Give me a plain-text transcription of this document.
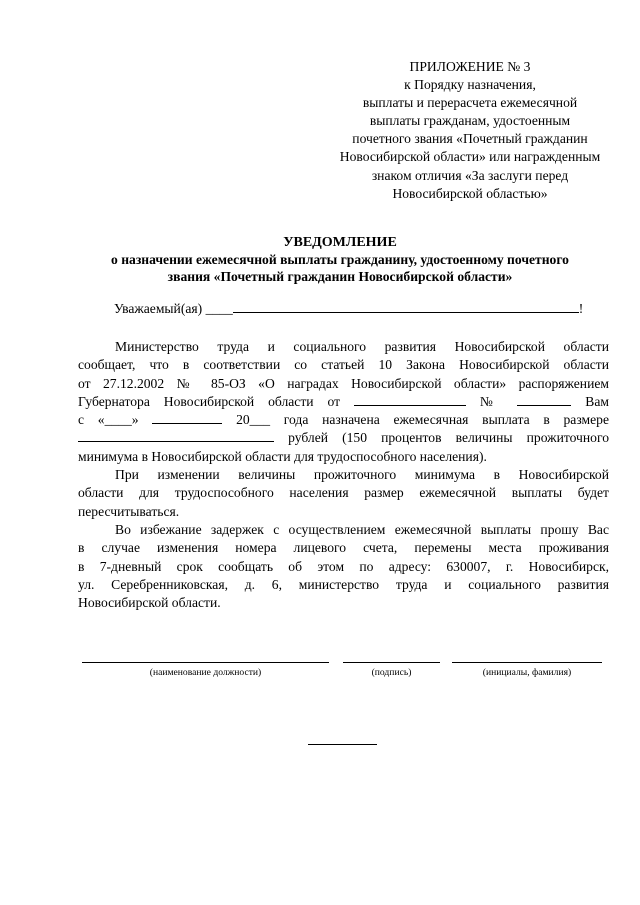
ПРИЛОЖЕНИЕ № 3
к Порядку назначения,
выплаты и перерасчета ежемесячной
выплаты гражданам, удостоенным
почетного звания «Почетный гражданин
Новосибирской области» или награжденным
знаком отличия «За заслуги перед
Новосибирской областью»
УВЕДОМЛЕНИЕ
о назначении ежемесячной выплаты гражданину, удостоенному почетного
звания «Почетный гражданин Новосибирской области»
Уважаемый(ая) ____	!

Министерство труда и социального развития Новосибирской области

сообщает, что в соответствии со статьей 10 Закона Новосибирской области

от 27.12.2002 № 85-ОЗ «О наградах Новосибирской области» распоряжением

Губернатора Новосибирской области от	№	Вам

с «____»	20___ года назначена ежемесячная выплата в размере

рублей (150 процентов величины прожиточного

минимума в Новосибирской области для трудоспособного населения).

При изменении величины прожиточного минимума в Новосибирской

области для трудоспособного населения размер ежемесячной выплаты будет

пересчитываться.

Во избежание задержек с осуществлением ежемесячной выплаты прошу Вас

в случае изменения номера лицевого счета, перемены места проживания

в 7-дневный срок сообщать об этом по адресу: 630007, г. Новосибирск,

ул. Серебренниковская, д. 6, министерство труда и социального развития

Новосибирской области.

(наименование должности)	(подпись)	(инициалы, фамилия)
